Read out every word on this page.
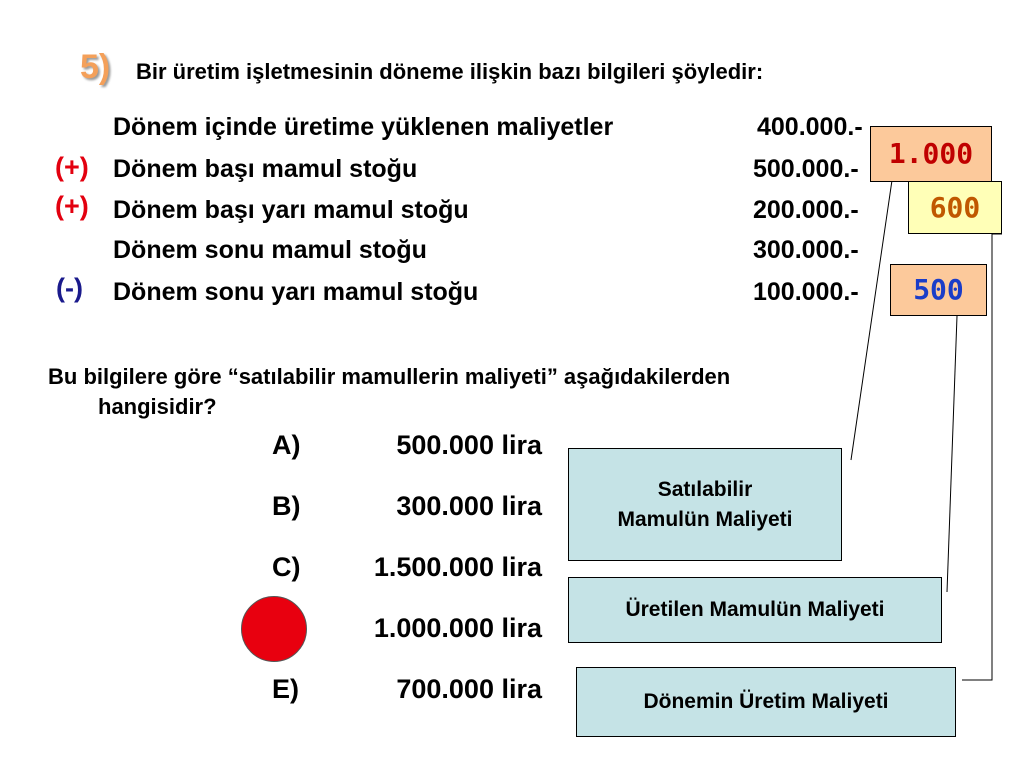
5) Bir üretim işletmesinin döneme ilişkin bazı bilgileri şöyledir:
Dönem içinde üretime yüklenen maliyetler	400.000.-
(+) Dönem başı mamul stoğu	500.000.-
(+) Dönem başı yarı mamul stoğu	200.000.-
Dönem sonu mamul stoğu	300.000.-
(-) Dönem sonu yarı mamul stoğu	100.000.-
1.000
600
500
Bu bilgilere göre “satılabilir mamullerin maliyeti” aşağıdakilerden
hangisidir?
A)	500.000 lira
B)	300.000 lira
C)	1.500.000 lira
1.000.000 lira
E)	700.000 lira
Satılabilir
Mamulün Maliyeti
Üretilen Mamulün Maliyeti
Dönemin Üretim Maliyeti
